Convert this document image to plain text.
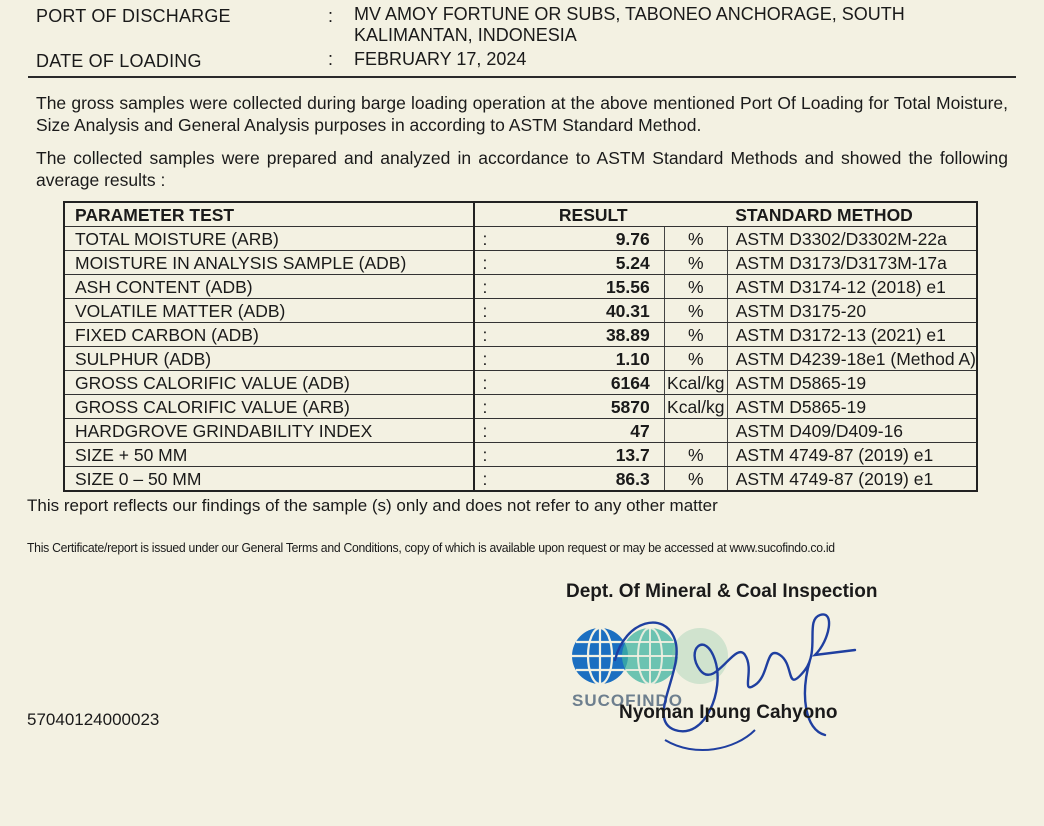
PORT OF DISCHARGE	: MV AMOY FORTUNE OR SUBS, TABONEO ANCHORAGE, SOUTH
KALIMANTAN, INDONESIA
DATE OF LOADING	: FEBRUARY 17, 2024
The gross samples were collected during barge loading operation at the above mentioned Port Of Loading for Total Moisture, Size Analysis and General Analysis purposes in according to ASTM Standard Method.
The collected samples were prepared and analyzed in accordance to ASTM Standard Methods and showed the following average results :
PARAMETER TEST		RESULT		STANDARD METHOD
TOTAL MOISTURE (ARB)	:	9.76	%	ASTM D3302/D3302M-22a
MOISTURE IN ANALYSIS SAMPLE (ADB)	:	5.24	%	ASTM D3173/D3173M-17a
ASH CONTENT (ADB)	:	15.56	%	ASTM D3174-12 (2018) e1
VOLATILE MATTER (ADB)	:	40.31	%	ASTM D3175-20
FIXED CARBON (ADB)	:	38.89	%	ASTM D3172-13 (2021) e1
SULPHUR (ADB)	:	1.10	%	ASTM D4239-18e1 (Method A)
GROSS CALORIFIC VALUE (ADB)	:	6164	Kcal/kg	ASTM D5865-19
GROSS CALORIFIC VALUE (ARB)	:	5870	Kcal/kg	ASTM D5865-19
HARDGROVE GRINDABILITY INDEX	:	47		ASTM D409/D409-16
SIZE + 50 MM	:	13.7	%	ASTM 4749-87 (2019) e1
SIZE 0 – 50 MM	:	86.3	%	ASTM 4749-87 (2019) e1
This report reflects our findings of the sample (s) only and does not refer to any other matter
This Certificate/report is issued under our General Terms and Conditions, copy of which is available upon request or may be accessed at www.sucofindo.co.id
Dept. Of Mineral & Coal Inspection
SUCOFINDO
Nyoman Ipung Cahyono
57040124000023
